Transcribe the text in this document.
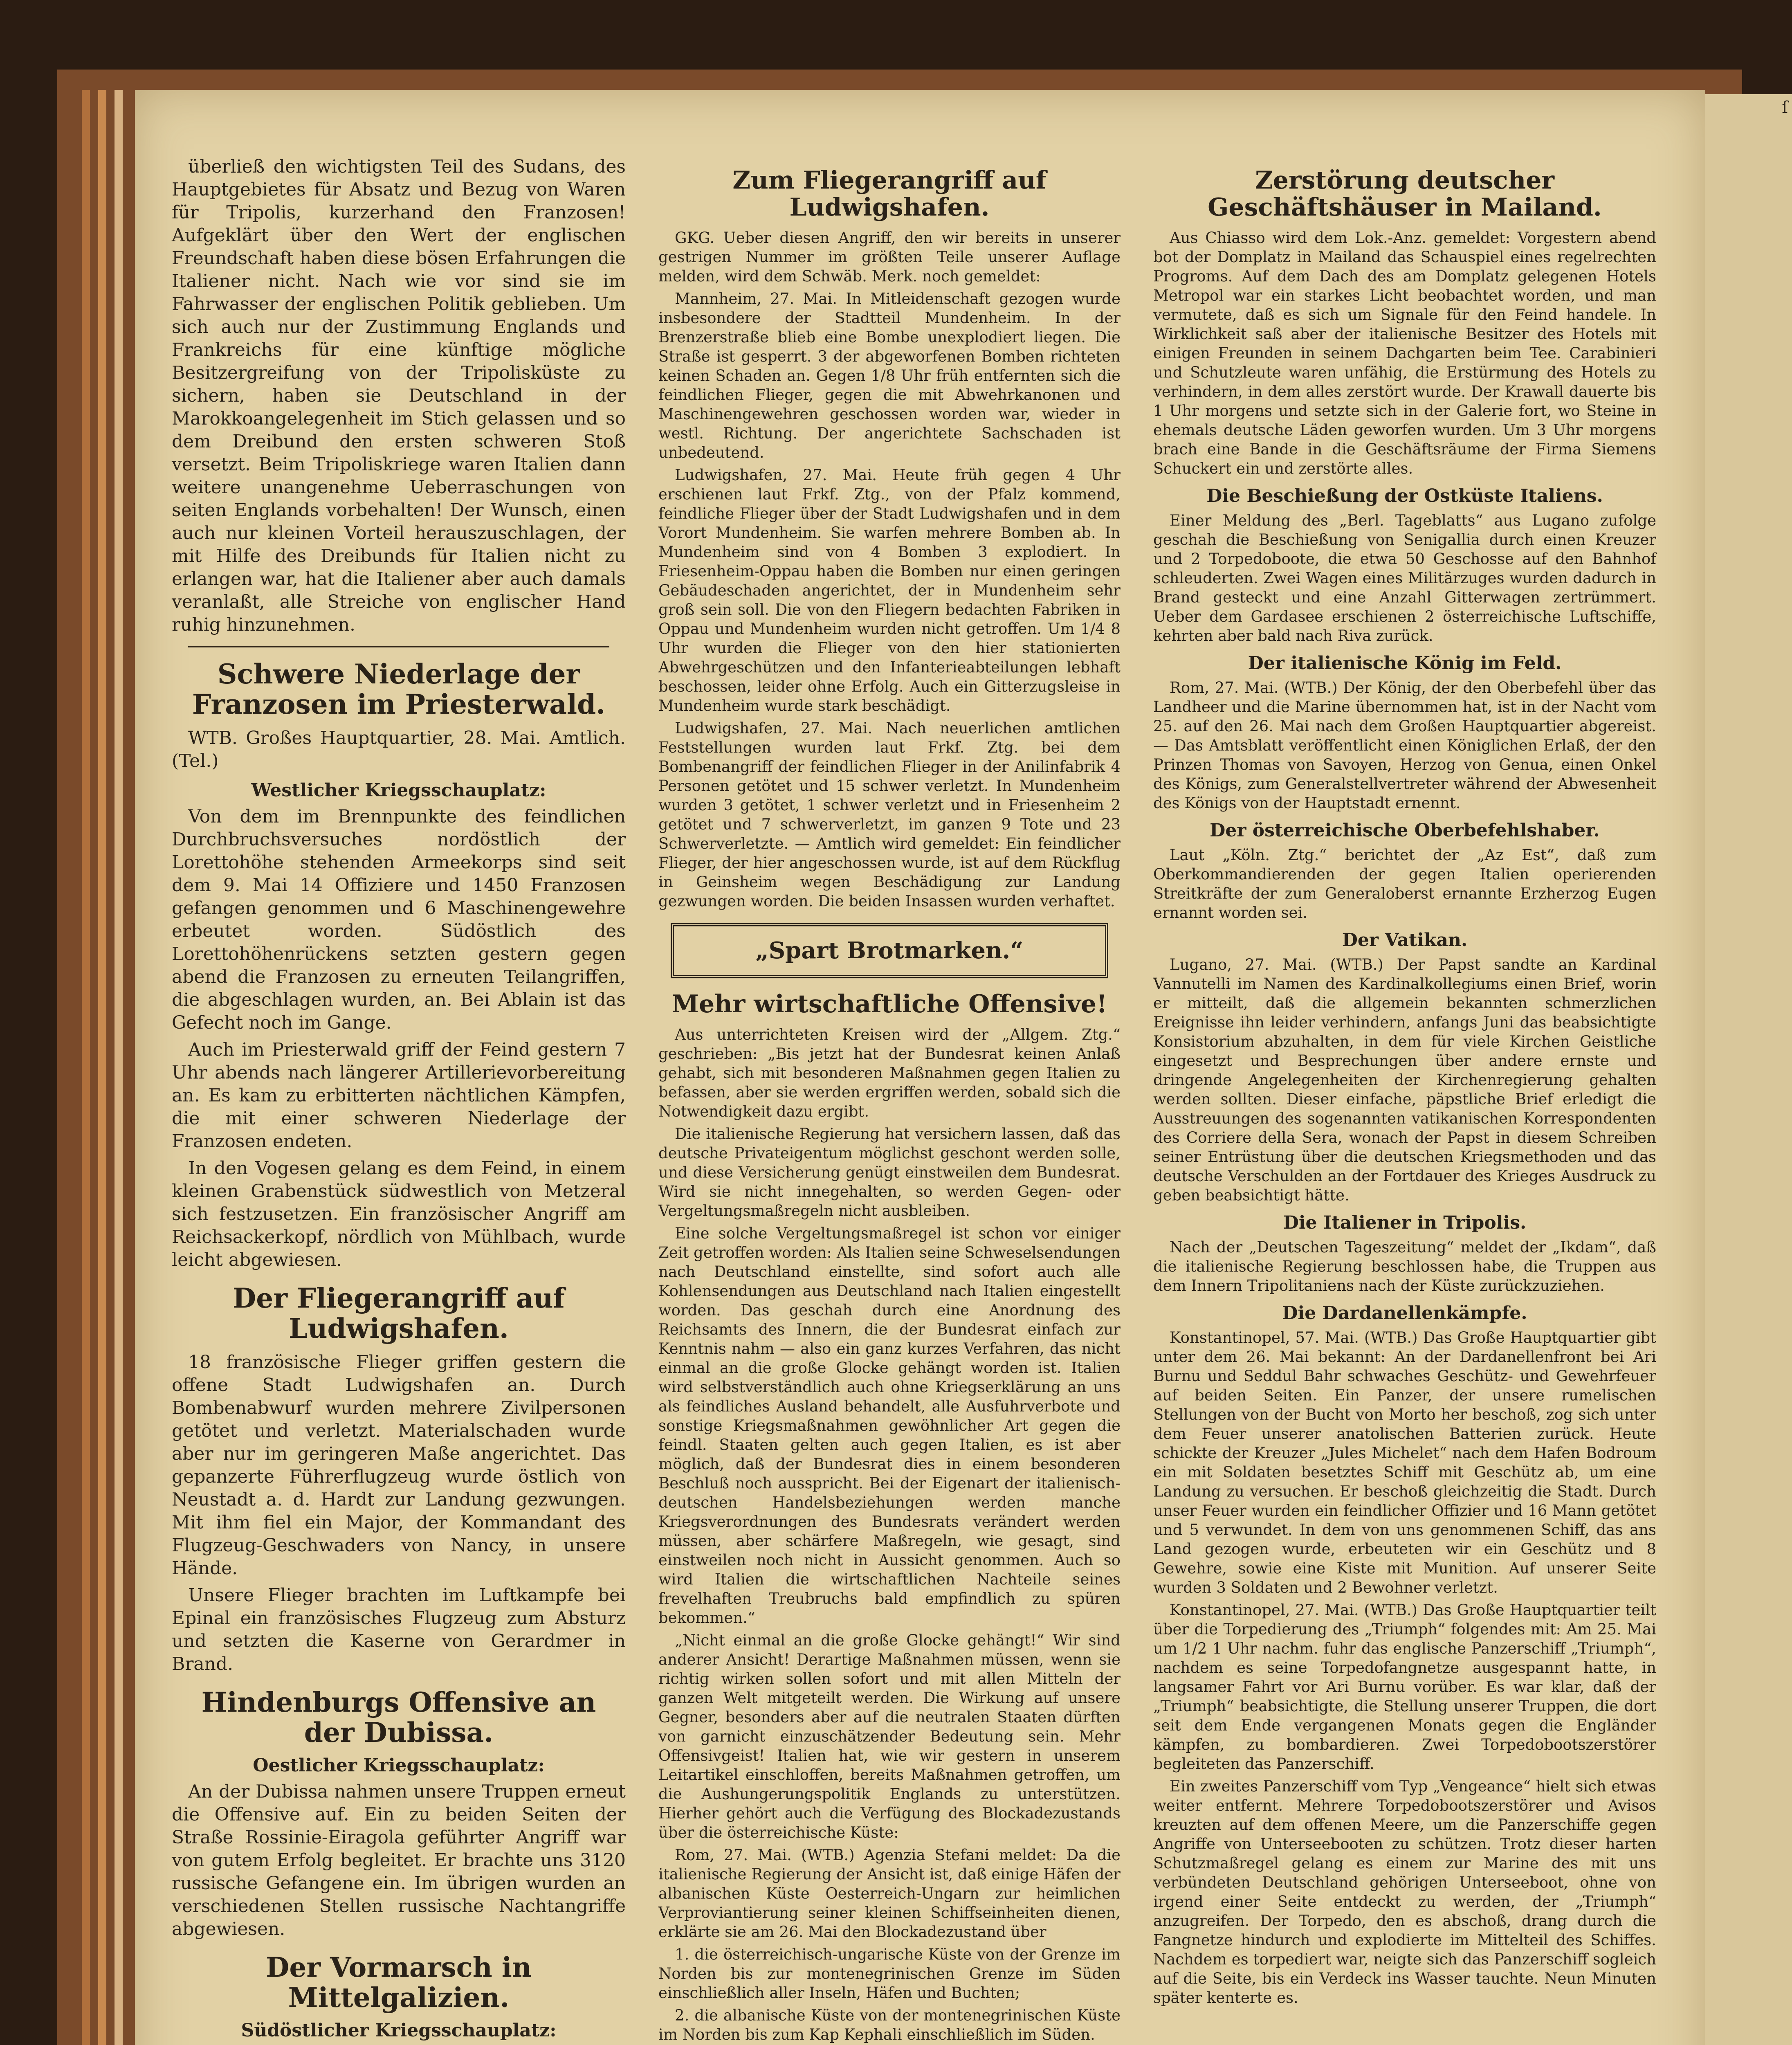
ſ

überließ den wichtigsten Teil des Sudans, des Hauptgebietes für Absatz und Bezug von Waren für Tripolis, kurzerhand den Franzosen! Aufgeklärt über den Wert der englischen Freundschaft haben diese bösen Erfahrungen die Italiener nicht. Nach wie vor sind sie im Fahrwasser der englischen Politik geblieben. Um sich auch nur der Zustimmung Englands und Frankreichs für eine künftige mögliche Besitzergreifung von der Tripolisküste zu sichern, haben sie Deutschland in der Marokkoangelegenheit im Stich gelassen und so dem Dreibund den ersten schweren Stoß versetzt. Beim Tripoliskriege waren Italien dann weitere unangenehme Ueberraschungen von seiten Englands vorbehalten! Der Wunsch, einen auch nur kleinen Vorteil herauszuschlagen, der mit Hilfe des Dreibunds für Italien nicht zu erlangen war, hat die Italiener aber auch damals veranlaßt, alle Streiche von englischer Hand ruhig hinzunehmen.

Schwere Niederlage der Franzosen im Priesterwald.

WTB. Großes Hauptquartier, 28. Mai. Amtlich. (Tel.)

Westlicher Kriegsschauplatz:

Von dem im Brennpunkte des feindlichen Durchbruchsversuches nordöstlich der Lorettohöhe stehenden Armeekorps sind seit dem 9. Mai 14 Offiziere und 1450 Franzosen gefangen genommen und 6 Maschinengewehre erbeutet worden. Südöstlich des Lorettohöhenrückens setzten gestern gegen abend die Franzosen zu erneuten Teilangriffen, die abgeschlagen wurden, an. Bei Ablain ist das Gefecht noch im Gange.

Auch im Priesterwald griff der Feind gestern 7 Uhr abends nach längerer Artillerievorbereitung an. Es kam zu erbitterten nächtlichen Kämpfen, die mit einer schweren Niederlage der Franzosen endeten.

In den Vogesen gelang es dem Feind, in einem kleinen Grabenstück südwestlich von Metzeral sich festzusetzen. Ein französischer Angriff am Reichsackerkopf, nördlich von Mühlbach, wurde leicht abgewiesen.

Der Fliegerangriff auf Ludwigshafen.

18 französische Flieger griffen gestern die offene Stadt Ludwigshafen an. Durch Bombenabwurf wurden mehrere Zivilpersonen getötet und verletzt. Materialschaden wurde aber nur im geringeren Maße angerichtet. Das gepanzerte Führerflugzeug wurde östlich von Neustadt a. d. Hardt zur Landung gezwungen. Mit ihm fiel ein Major, der Kommandant des Flugzeug-Geschwaders von Nancy, in unsere Hände.

Unsere Flieger brachten im Luftkampfe bei Epinal ein französisches Flugzeug zum Absturz und setzten die Kaserne von Gerardmer in Brand.

Hindenburgs Offensive an der Dubissa.
Oestlicher Kriegsschauplatz:

An der Dubissa nahmen unsere Truppen erneut die Offensive auf. Ein zu beiden Seiten der Straße Rossinie-Eiragola geführter Angriff war von gutem Erfolg begleitet. Er brachte uns 3120 russische Gefangene ein. Im übrigen wurden an verschiedenen Stellen russische Nachtangriffe abgewiesen.

Der Vormarsch in Mittelgalizien.
Südöstlicher Kriegsschauplatz:

Zum Fliegerangriff auf Ludwigshafen.

GKG. Ueber diesen Angriff, den wir bereits in unserer gestrigen Nummer im größten Teile unserer Auflage melden, wird dem Schwäb. Merk. noch gemeldet:

Mannheim, 27. Mai. In Mitleidenschaft gezogen wurde insbesondere der Stadtteil Mundenheim. In der Brenzerstraße blieb eine Bombe unexplodiert liegen. Die Straße ist gesperrt. 3 der abgeworfenen Bomben richteten keinen Schaden an. Gegen 1/8 Uhr früh entfernten sich die feindlichen Flieger, gegen die mit Abwehrkanonen und Maschinengewehren geschossen worden war, wieder in westl. Richtung. Der angerichtete Sachschaden ist unbedeutend.

Ludwigshafen, 27. Mai. Heute früh gegen 4 Uhr erschienen laut Frkf. Ztg., von der Pfalz kommend, feindliche Flieger über der Stadt Ludwigshafen und in dem Vorort Mundenheim. Sie warfen mehrere Bomben ab. In Mundenheim sind von 4 Bomben 3 explodiert. In Friesenheim-Oppau haben die Bomben nur einen geringen Gebäudeschaden angerichtet, der in Mundenheim sehr groß sein soll. Die von den Fliegern bedachten Fabriken in Oppau und Mundenheim wurden nicht getroffen. Um 1/4 8 Uhr wurden die Flieger von den hier stationierten Abwehrgeschützen und den Infanterieabteilungen lebhaft beschossen, leider ohne Erfolg. Auch ein Gitterzugsleise in Mundenheim wurde stark beschädigt.

Ludwigshafen, 27. Mai. Nach neuerlichen amtlichen Feststellungen wurden laut Frkf. Ztg. bei dem Bombenangriff der feindlichen Flieger in der Anilinfabrik 4 Personen getötet und 15 schwer verletzt. In Mundenheim wurden 3 getötet, 1 schwer verletzt und in Friesenheim 2 getötet und 7 schwerverletzt, im ganzen 9 Tote und 23 Schwerverletzte. — Amtlich wird gemeldet: Ein feindlicher Flieger, der hier angeschossen wurde, ist auf dem Rückflug in Geinsheim wegen Beschädigung zur Landung gezwungen worden. Die beiden Insassen wurden verhaftet.

„Spart Brotmarken.“
Mehr wirtschaftliche Offensive!

Aus unterrichteten Kreisen wird der „Allgem. Ztg.“ geschrieben: „Bis jetzt hat der Bundesrat keinen Anlaß gehabt, sich mit besonderen Maßnahmen gegen Italien zu befassen, aber sie werden ergriffen werden, sobald sich die Notwendigkeit dazu ergibt.

Die italienische Regierung hat versichern lassen, daß das deutsche Privateigentum möglichst geschont werden solle, und diese Versicherung genügt einstweilen dem Bundesrat. Wird sie nicht innegehalten, so werden Gegen- oder Vergeltungsmaßregeln nicht ausbleiben.

Eine solche Vergeltungsmaßregel ist schon vor einiger Zeit getroffen worden: Als Italien seine Schweselsendungen nach Deutschland einstellte, sind sofort auch alle Kohlensendungen aus Deutschland nach Italien eingestellt worden. Das geschah durch eine Anordnung des Reichsamts des Innern, die der Bundesrat einfach zur Kenntnis nahm — also ein ganz kurzes Verfahren, das nicht einmal an die große Glocke gehängt worden ist. Italien wird selbstverständlich auch ohne Kriegserklärung an uns als feindliches Ausland behandelt, alle Ausfuhrverbote und sonstige Kriegsmaßnahmen gewöhnlicher Art gegen die feindl. Staaten gelten auch gegen Italien, es ist aber möglich, daß der Bundesrat dies in einem besonderen Beschluß noch ausspricht. Bei der Eigenart der italienisch-deutschen Handelsbeziehungen werden manche Kriegsverordnungen des Bundesrats verändert werden müssen, aber schärfere Maßregeln, wie gesagt, sind einstweilen noch nicht in Aussicht genommen. Auch so wird Italien die wirtschaftlichen Nachteile seines frevelhaften Treubruchs bald empfindlich zu spüren bekommen.“

„Nicht einmal an die große Glocke gehängt!“ Wir sind anderer Ansicht! Derartige Maßnahmen müssen, wenn sie richtig wirken sollen sofort und mit allen Mitteln der ganzen Welt mitgeteilt werden. Die Wirkung auf unsere Gegner, besonders aber auf die neutralen Staaten dürften von garnicht einzuschätzender Bedeutung sein. Mehr Offensivgeist! Italien hat, wie wir gestern in unserem Leitartikel einschloffen, bereits Maßnahmen getroffen, um die Aushungerungspolitik Englands zu unterstützen. Hierher gehört auch die Verfügung des Blockadezustands über die österreichische Küste:

Rom, 27. Mai. (WTB.) Agenzia Stefani meldet: Da die italienische Regierung der Ansicht ist, daß einige Häfen der albanischen Küste Oesterreich-Ungarn zur heimlichen Verproviantierung seiner kleinen Schiffseinheiten dienen, erklärte sie am 26. Mai den Blockadezustand über

1. die österreichisch-ungarische Küste von der Grenze im Norden bis zur montenegrinischen Grenze im Süden einschließlich aller Inseln, Häfen und Buchten;

2. die albanische Küste von der montenegrinischen Küste im Norden bis zum Kap Kephali einschließlich im Süden.

Zerstörung deutscher Geschäftshäuser in Mailand.

Aus Chiasso wird dem Lok.-Anz. gemeldet: Vorgestern abend bot der Domplatz in Mailand das Schauspiel eines regelrechten Progroms. Auf dem Dach des am Domplatz gelegenen Hotels Metropol war ein starkes Licht beobachtet worden, und man vermutete, daß es sich um Signale für den Feind handele. In Wirklichkeit saß aber der italienische Besitzer des Hotels mit einigen Freunden in seinem Dachgarten beim Tee. Carabinieri und Schutzleute waren unfähig, die Erstürmung des Hotels zu verhindern, in dem alles zerstört wurde. Der Krawall dauerte bis 1 Uhr morgens und setzte sich in der Galerie fort, wo Steine in ehemals deutsche Läden geworfen wurden. Um 3 Uhr morgens brach eine Bande in die Geschäftsräume der Firma Siemens Schuckert ein und zerstörte alles.

Die Beschießung der Ostküste Italiens.

Einer Meldung des „Berl. Tageblatts“ aus Lugano zufolge geschah die Beschießung von Senigallia durch einen Kreuzer und 2 Torpedoboote, die etwa 50 Geschosse auf den Bahnhof schleuderten. Zwei Wagen eines Militärzuges wurden dadurch in Brand gesteckt und eine Anzahl Gitterwagen zertrümmert. Ueber dem Gardasee erschienen 2 österreichische Luftschiffe, kehrten aber bald nach Riva zurück.

Der italienische König im Feld.

Rom, 27. Mai. (WTB.) Der König, der den Oberbefehl über das Landheer und die Marine übernommen hat, ist in der Nacht vom 25. auf den 26. Mai nach dem Großen Hauptquartier abgereist. — Das Amtsblatt veröffentlicht einen Königlichen Erlaß, der den Prinzen Thomas von Savoyen, Herzog von Genua, einen Onkel des Königs, zum Generalstellvertreter während der Abwesenheit des Königs von der Hauptstadt ernennt.

Der österreichische Oberbefehlshaber.

Laut „Köln. Ztg.“ berichtet der „Az Est“, daß zum Oberkommandierenden der gegen Italien operierenden Streitkräfte der zum Generaloberst ernannte Erzherzog Eugen ernannt worden sei.

Der Vatikan.

Lugano, 27. Mai. (WTB.) Der Papst sandte an Kardinal Vannutelli im Namen des Kardinalkollegiums einen Brief, worin er mitteilt, daß die allgemein bekannten schmerzlichen Ereignisse ihn leider verhindern, anfangs Juni das beabsichtigte Konsistorium abzuhalten, in dem für viele Kirchen Geistliche eingesetzt und Besprechungen über andere ernste und dringende Angelegenheiten der Kirchenregierung gehalten werden sollten. Dieser einfache, päpstliche Brief erledigt die Ausstreuungen des sogenannten vatikanischen Korrespondenten des Corriere della Sera, wonach der Papst in diesem Schreiben seiner Entrüstung über die deutschen Kriegsmethoden und das deutsche Verschulden an der Fortdauer des Krieges Ausdruck zu geben beabsichtigt hätte.

Die Italiener in Tripolis.

Nach der „Deutschen Tageszeitung“ meldet der „Ikdam“, daß die italienische Regierung beschlossen habe, die Truppen aus dem Innern Tripolitaniens nach der Küste zurückzuziehen.

Die Dardanellenkämpfe.

Konstantinopel, 57. Mai. (WTB.) Das Große Hauptquartier gibt unter dem 26. Mai bekannt: An der Dardanellenfront bei Ari Burnu und Seddul Bahr schwaches Geschütz- und Gewehrfeuer auf beiden Seiten. Ein Panzer, der unsere rumelischen Stellungen von der Bucht von Morto her beschoß, zog sich unter dem Feuer unserer anatolischen Batterien zurück. Heute schickte der Kreuzer „Jules Michelet“ nach dem Hafen Bodroum ein mit Soldaten besetztes Schiff mit Geschütz ab, um eine Landung zu versuchen. Er beschoß gleichzeitig die Stadt. Durch unser Feuer wurden ein feindlicher Offizier und 16 Mann getötet und 5 verwundet. In dem von uns genommenen Schiff, das ans Land gezogen wurde, erbeuteten wir ein Geschütz und 8 Gewehre, sowie eine Kiste mit Munition. Auf unserer Seite wurden 3 Soldaten und 2 Bewohner verletzt.

Konstantinopel, 27. Mai. (WTB.) Das Große Hauptquartier teilt über die Torpedierung des „Triumph“ folgendes mit: Am 25. Mai um 1/2 1 Uhr nachm. fuhr das englische Panzerschiff „Triumph“, nachdem es seine Torpedofangnetze ausgespannt hatte, in langsamer Fahrt vor Ari Burnu vorüber. Es war klar, daß der „Triumph“ beabsichtigte, die Stellung unserer Truppen, die dort seit dem Ende vergangenen Monats gegen die Engländer kämpfen, zu bombardieren. Zwei Torpedobootszerstörer begleiteten das Panzerschiff.

Ein zweites Panzerschiff vom Typ „Vengeance“ hielt sich etwas weiter entfernt. Mehrere Torpedobootszerstörer und Avisos kreuzten auf dem offenen Meere, um die Panzerschiffe gegen Angriffe von Unterseebooten zu schützen. Trotz dieser harten Schutzmaßregel gelang es einem zur Marine des mit uns verbündeten Deutschland gehörigen Unterseeboot, ohne von irgend einer Seite entdeckt zu werden, der „Triumph“ anzugreifen. Der Torpedo, den es abschoß, drang durch die Fangnetze hindurch und explodierte im Mittelteil des Schiffes. Nachdem es torpediert war, neigte sich das Panzerschiff sogleich auf die Seite, bis ein Verdeck ins Wasser tauchte. Neun Minuten später kenterte es.
